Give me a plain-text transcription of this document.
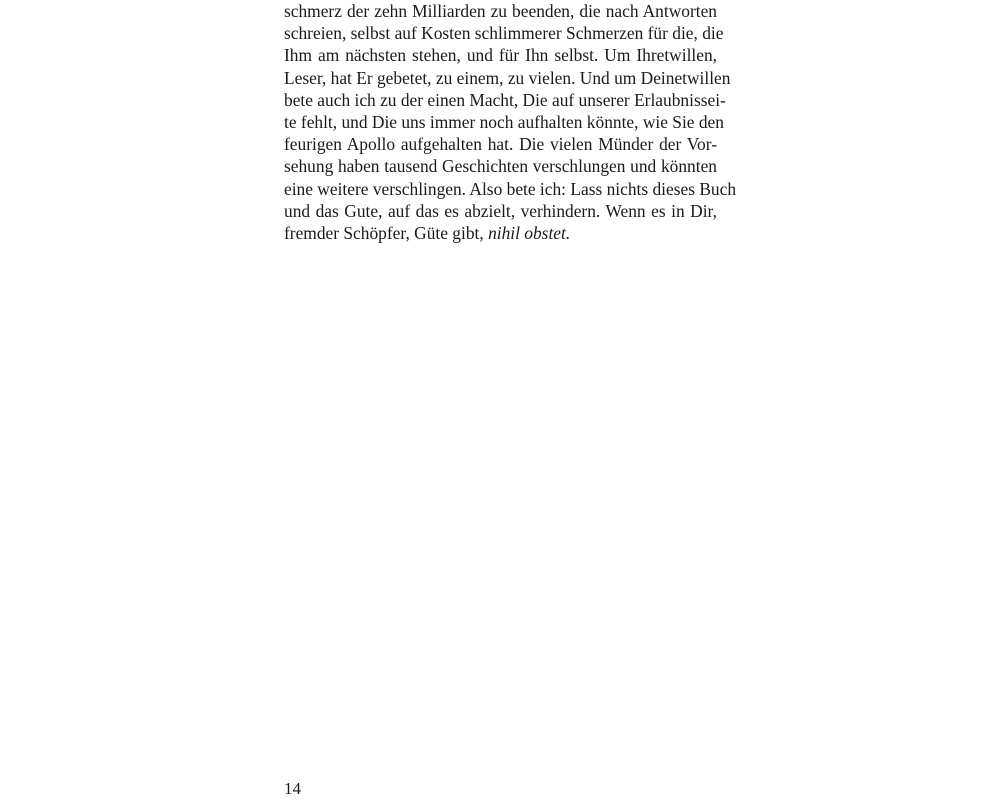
schmerz der zehn Milliarden zu beenden, die nach Antworten
schreien, selbst auf Kosten schlimmerer Schmerzen für die, die
Ihm am nächsten stehen, und für Ihn selbst. Um Ihretwillen,
Leser, hat Er gebetet, zu einem, zu vielen. Und um Deinetwillen
bete auch ich zu der einen Macht, Die auf unserer Erlaubnissei-
te fehlt, und Die uns immer noch aufhalten könnte, wie Sie den
feurigen Apollo aufgehalten hat. Die vielen Münder der Vor-
sehung haben tausend Geschichten verschlungen und könnten
eine weitere verschlingen. Also bete ich: Lass nichts dieses Buch
und das Gute, auf das es abzielt, verhindern. Wenn es in Dir,
fremder Schöpfer, Güte gibt, nihil obstet.
14
